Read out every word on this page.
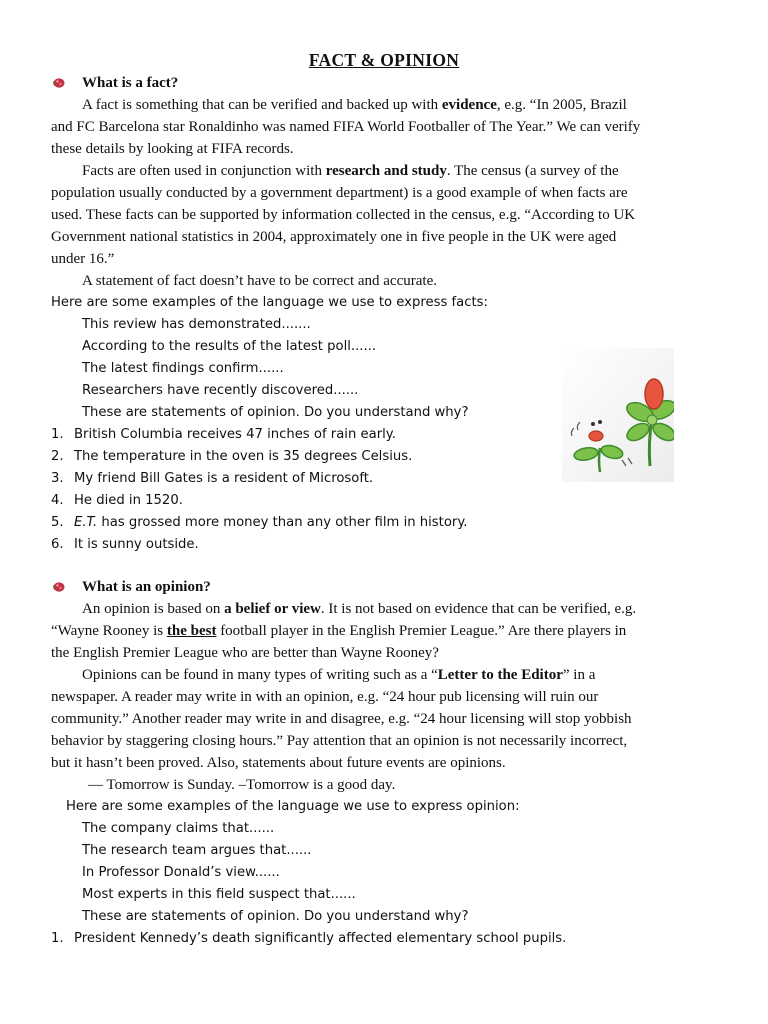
FACT & OPINION
What is a fact?
A fact is something that can be verified and backed up with evidence, e.g. “In 2005, Brazil
and FC Barcelona star Ronaldinho was named FIFA World Footballer of The Year.” We can verify
these details by looking at FIFA records.
Facts are often used in conjunction with research and study. The census (a survey of the
population usually conducted by a government department) is a good example of when facts are
used. These facts can be supported by information collected in the census, e.g. “According to UK
Government national statistics in 2004, approximately one in five people in the UK were aged
under 16.”
A statement of fact doesn’t have to be correct and accurate.
Here are some examples of the language we use to express facts:
This review has demonstrated.......
According to the results of the latest poll......
The latest findings confirm......
Researchers have recently discovered......
These are statements of opinion. Do you understand why?
1. British Columbia receives 47 inches of rain early.
2. The temperature in the oven is 35 degrees Celsius.
3. My friend Bill Gates is a resident of Microsoft.
4. He died in 1520.
5. E.T. has grossed more money than any other film in history.
6. It is sunny outside.
What is an opinion?
An opinion is based on a belief or view. It is not based on evidence that can be verified, e.g.
“Wayne Rooney is the best football player in the English Premier League.” Are there players in
the English Premier League who are better than Wayne Rooney?
Opinions can be found in many types of writing such as a “Letter to the Editor” in a
newspaper. A reader may write in with an opinion, e.g. “24 hour pub licensing will ruin our
community.” Another reader may write in and disagree, e.g. “24 hour licensing will stop yobbish
behavior by staggering closing hours.” Pay attention that an opinion is not necessarily incorrect,
but it hasn’t been proved. Also, statements about future events are opinions.
— Tomorrow is Sunday. –Tomorrow is a good day.
Here are some examples of the language we use to express opinion:
The company claims that......
The research team argues that......
In Professor Donald’s view......
Most experts in this field suspect that......
These are statements of opinion. Do you understand why?
1. President Kennedy’s death significantly affected elementary school pupils.
